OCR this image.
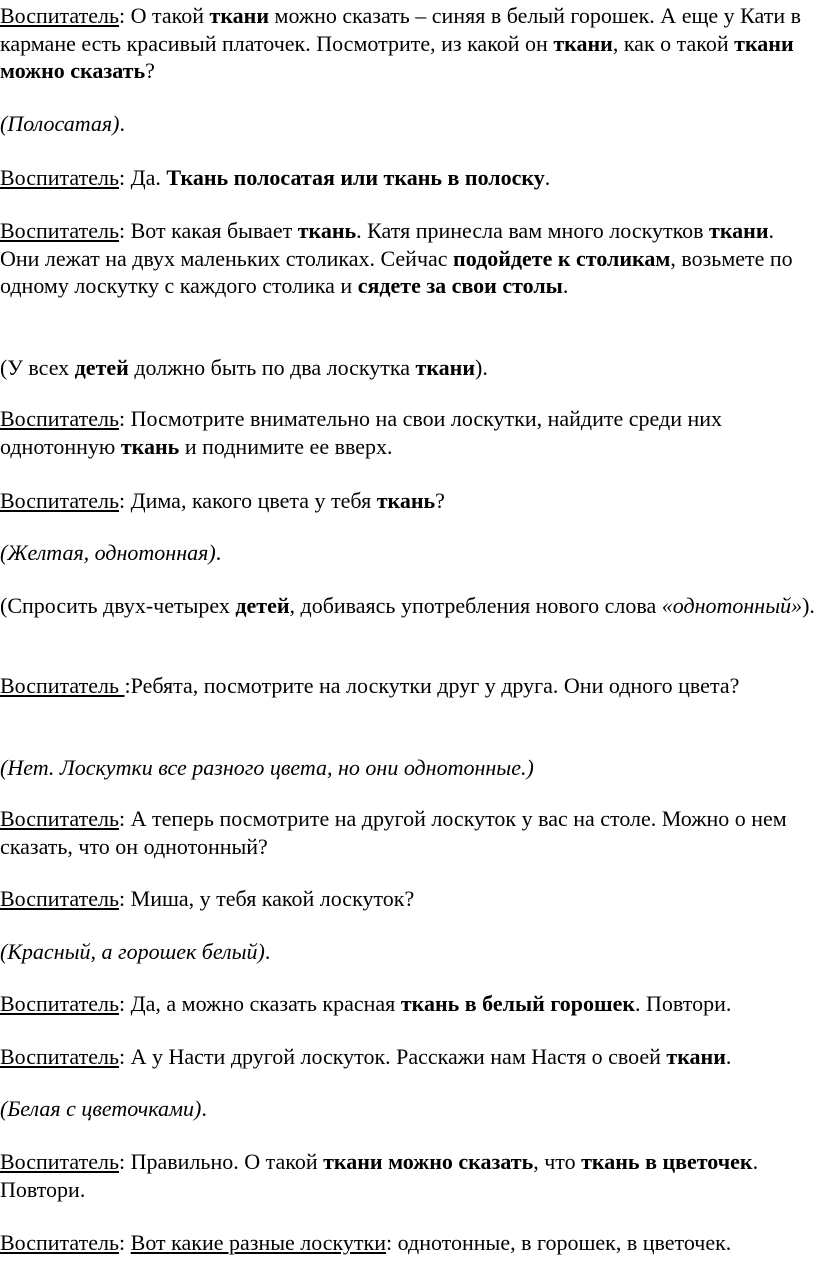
Воспитатель: О такой ткани можно сказать – синяя в белый горошек. А еще у Кати в кармане есть красивый платочек. Посмотрите, из какой он ткани, как о такой ткани можно сказать?

(Полосатая).

Воспитатель: Да. Ткань полосатая или ткань в полоску.

Воспитатель: Вот какая бывает ткань. Катя принесла вам много лоскутков ткани. Они лежат на двух маленьких столиках. Сейчас подойдете к столикам, возьмете по одному лоскутку с каждого столика и сядете за свои столы.

(У всех детей должно быть по два лоскутка ткани).

Воспитатель: Посмотрите внимательно на свои лоскутки, найдите среди них однотонную ткань и поднимите ее вверх.

Воспитатель: Дима, какого цвета у тебя ткань?

(Желтая, однотонная).

(Спросить двух-четырех детей, добиваясь употребления нового слова «однотонный»).

Воспитатель :Ребята, посмотрите на лоскутки друг у друга. Они одного цвета?

(Нет. Лоскутки все разного цвета, но они однотонные.)

Воспитатель: А теперь посмотрите на другой лоскуток у вас на столе. Можно о нем сказать, что он однотонный?

Воспитатель: Миша, у тебя какой лоскуток?

(Красный, а горошек белый).

Воспитатель: Да, а можно сказать красная ткань в белый горошек. Повтори.

Воспитатель: А у Насти другой лоскуток. Расскажи нам Настя о своей ткани.

(Белая с цветочками).

Воспитатель: Правильно. О такой ткани можно сказать, что ткань в цветочек. Повтори.

Воспитатель: Вот какие разные лоскутки: однотонные, в горошек, в цветочек.
